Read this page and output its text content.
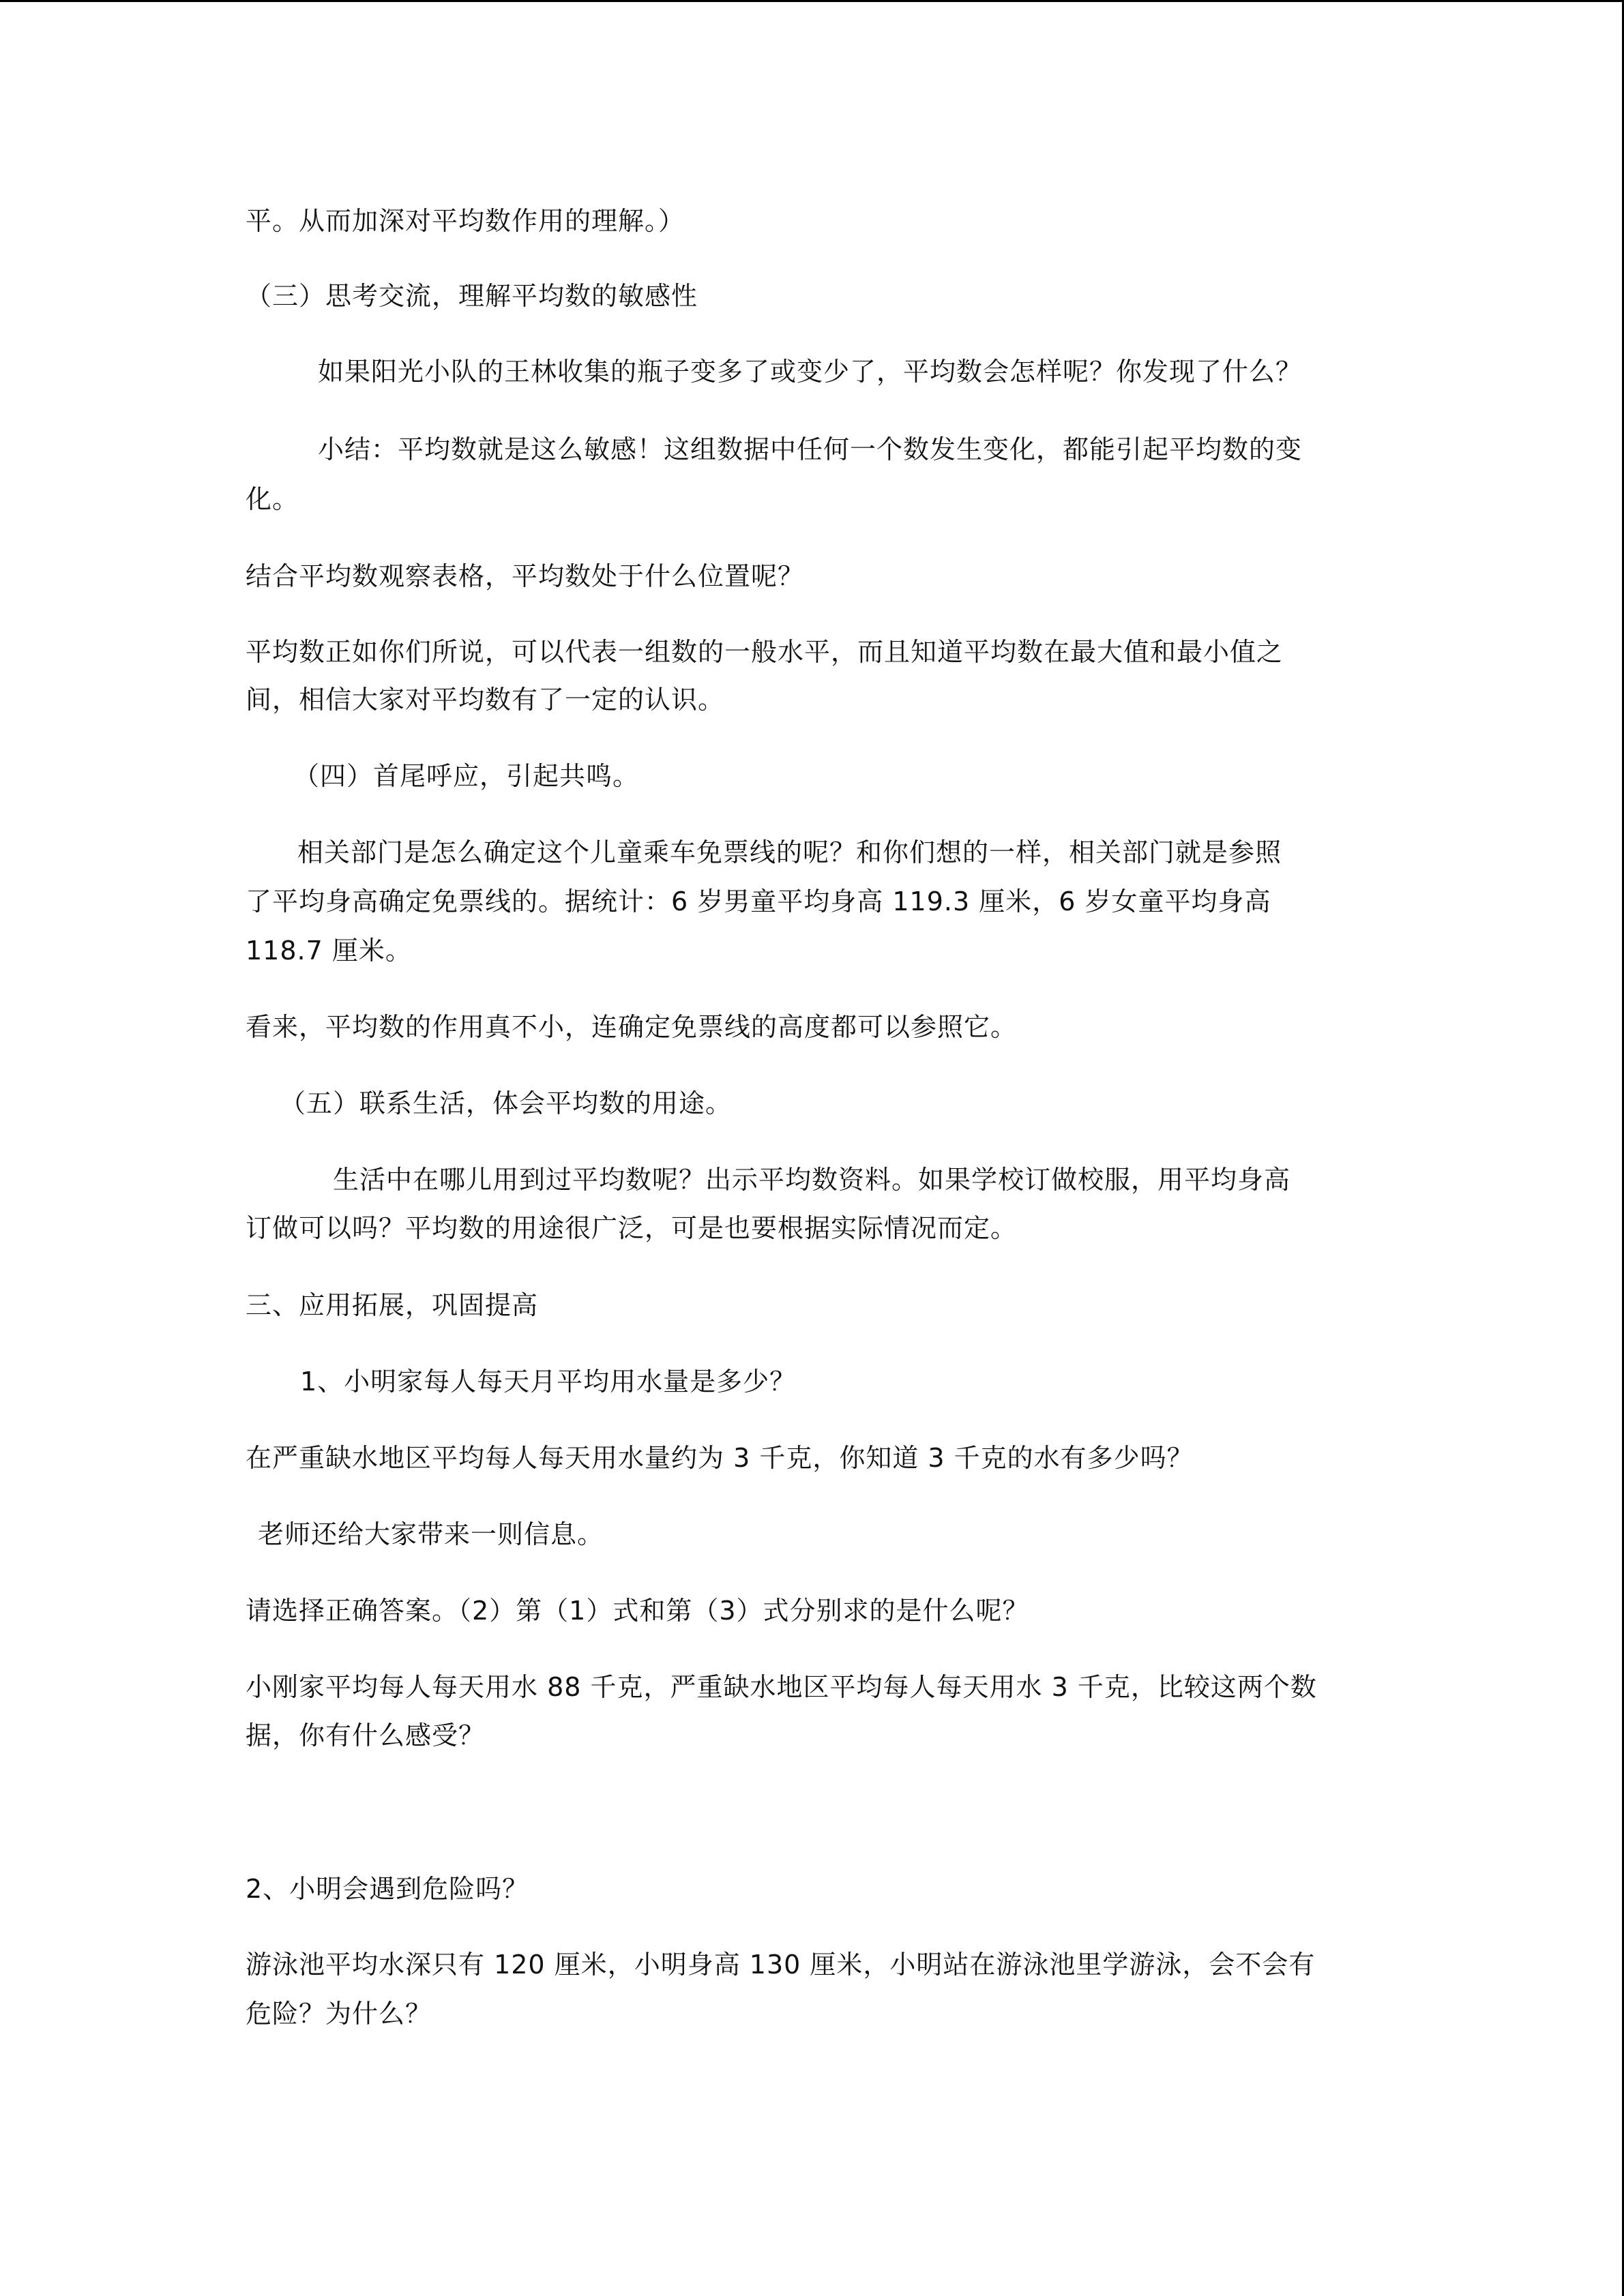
平。从而加深对平均数作用的理解。）

（三）思考交流，理解平均数的敏感性

如果阳光小队的王林收集的瓶子变多了或变少了，平均数会怎样呢？你发现了什么？

小结：平均数就是这么敏感！这组数据中任何一个数发生变化，都能引起平均数的变

化。

结合平均数观察表格，平均数处于什么位置呢？

平均数正如你们所说，可以代表一组数的一般水平，而且知道平均数在最大值和最小值之

间，相信大家对平均数有了一定的认识。

（四）首尾呼应，引起共鸣。

相关部门是怎么确定这个儿童乘车免票线的呢？和你们想的一样，相关部门就是参照

了平均身高确定免票线的。据统计：6 岁男童平均身高 119.3 厘米，6 岁女童平均身高

118.7 厘米。

看来，平均数的作用真不小，连确定免票线的高度都可以参照它。

（五）联系生活，体会平均数的用途。

生活中在哪儿用到过平均数呢？出示平均数资料。如果学校订做校服，用平均身高

订做可以吗？平均数的用途很广泛，可是也要根据实际情况而定。

三、应用拓展，巩固提高

1、小明家每人每天月平均用水量是多少？

在严重缺水地区平均每人每天用水量约为 3 千克，你知道 3 千克的水有多少吗？

老师还给大家带来一则信息。

请选择正确答案。（2）第（1）式和第（3）式分别求的是什么呢？

小刚家平均每人每天用水 88 千克，严重缺水地区平均每人每天用水 3 千克，比较这两个数

据，你有什么感受？

2、小明会遇到危险吗？

游泳池平均水深只有 120 厘米，小明身高 130 厘米，小明站在游泳池里学游泳，会不会有

危险？为什么？
